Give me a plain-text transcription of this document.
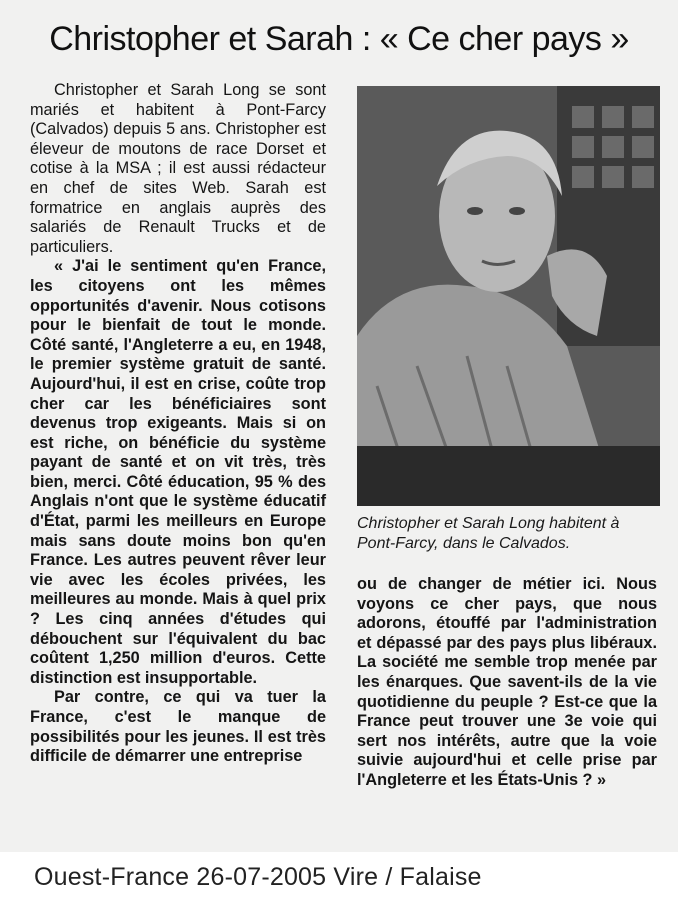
Christopher et Sarah : « Ce cher pays »

Christopher et Sarah Long se sont mariés et habitent à Pont-Farcy (Calvados) depuis 5 ans. Christopher est éleveur de moutons de race Dorset et cotise à la MSA ; il est aussi rédacteur en chef de sites Web. Sarah est formatrice en anglais auprès des salariés de Renault Trucks et de particuliers.

« J'ai le sentiment qu'en France, les citoyens ont les mêmes opportunités d'avenir. Nous cotisons pour le bienfait de tout le monde. Côté santé, l'Angleterre a eu, en 1948, le premier système gratuit de santé. Aujourd'hui, il est en crise, coûte trop cher car les bénéficiaires sont devenus trop exigeants. Mais si on est riche, on bénéficie du système payant de santé et on vit très, très bien, merci. Côté éducation, 95 % des Anglais n'ont que le système éducatif d'État, parmi les meilleurs en Europe mais sans doute moins bon qu'en France. Les autres peuvent rêver leur vie avec les écoles privées, les meilleures au monde. Mais à quel prix ? Les cinq années d'études qui débouchent sur l'équivalent du bac coûtent 1,250 million d'euros. Cette distinction est insupportable.

Par contre, ce qui va tuer la France, c'est le manque de possibilités pour les jeunes. Il est très difficile de démarrer une entreprise

Christopher et Sarah Long habitent à Pont-Farcy, dans le Calvados.

ou de changer de métier ici. Nous voyons ce cher pays, que nous adorons, étouffé par l'administration et dépassé par des pays plus libéraux. La société me semble trop menée par les énarques. Que savent-ils de la vie quotidienne du peuple ? Est-ce que la France peut trouver une 3e voie qui sert nos intérêts, autre que la voie suivie aujourd'hui et celle prise par l'Angleterre et les États-Unis ? »

Ouest-France 26-07-2005 Vire / Falaise
